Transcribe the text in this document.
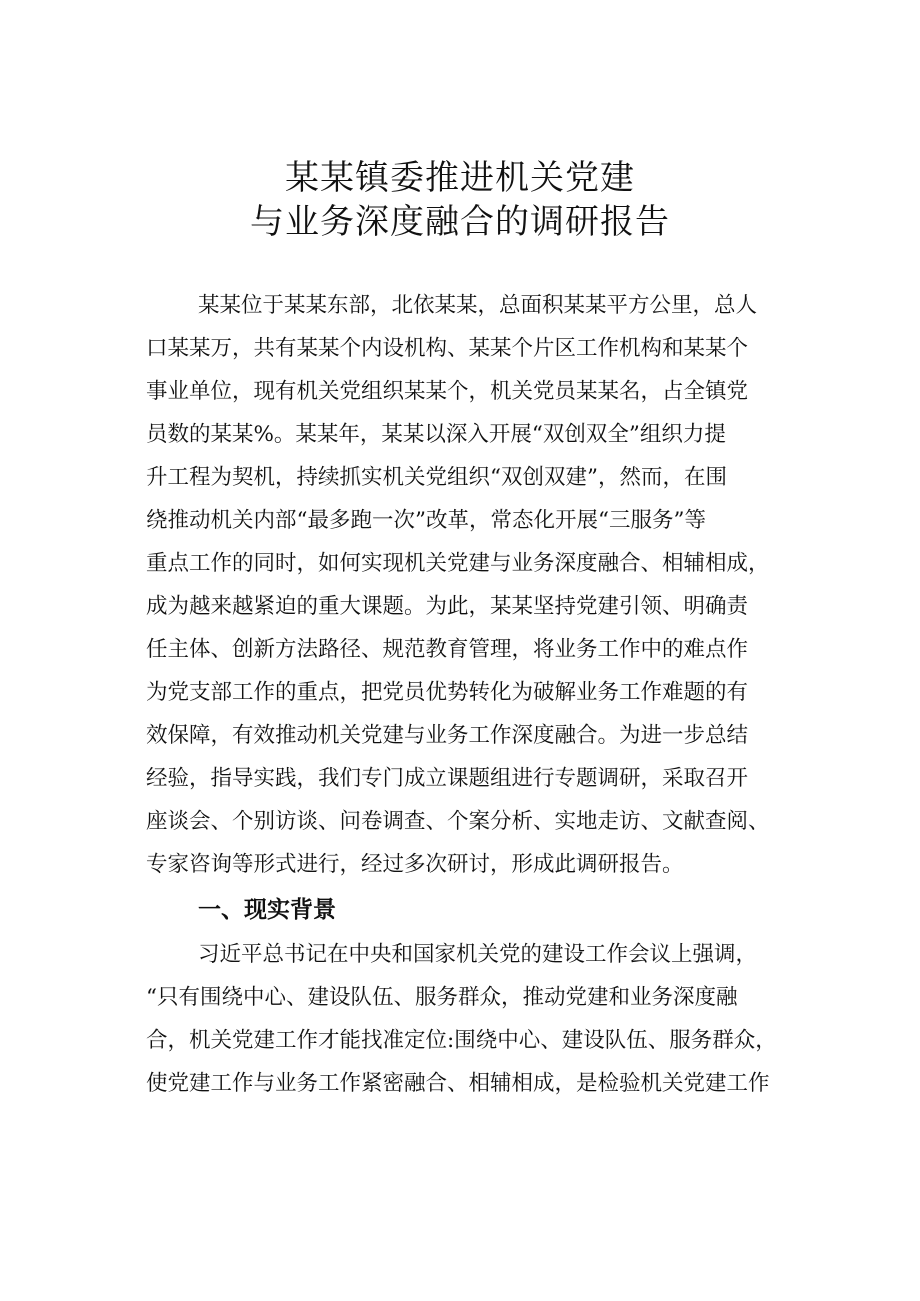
某某镇委推进机关党建
与业务深度融合的调研报告
某某位于某某东部，北依某某，总面积某某平方公里，总人
口某某万，共有某某个内设机构、某某个片区工作机构和某某个
事业单位，现有机关党组织某某个，机关党员某某名，占全镇党
员数的某某%。某某年，某某以深入开展“双创双全”组织力提
升工程为契机，持续抓实机关党组织“双创双建”，然而，在围
绕推动机关内部“最多跑一次”改革，常态化开展“三服务”等
重点工作的同时，如何实现机关党建与业务深度融合、相辅相成，
成为越来越紧迫的重大课题。为此，某某坚持党建引领、明确责
任主体、创新方法路径、规范教育管理，将业务工作中的难点作
为党支部工作的重点，把党员优势转化为破解业务工作难题的有
效保障，有效推动机关党建与业务工作深度融合。为进一步总结
经验，指导实践，我们专门成立课题组进行专题调研，采取召开
座谈会、个别访谈、问卷调查、个案分析、实地走访、文献查阅、
专家咨询等形式进行，经过多次研讨，形成此调研报告。
一、现实背景
习近平总书记在中央和国家机关党的建设工作会议上强调，
“只有围绕中心、建设队伍、服务群众，推动党建和业务深度融
合，机关党建工作才能找准定位:围绕中心、建设队伍、服务群众，
使党建工作与业务工作紧密融合、相辅相成，是检验机关党建工作
